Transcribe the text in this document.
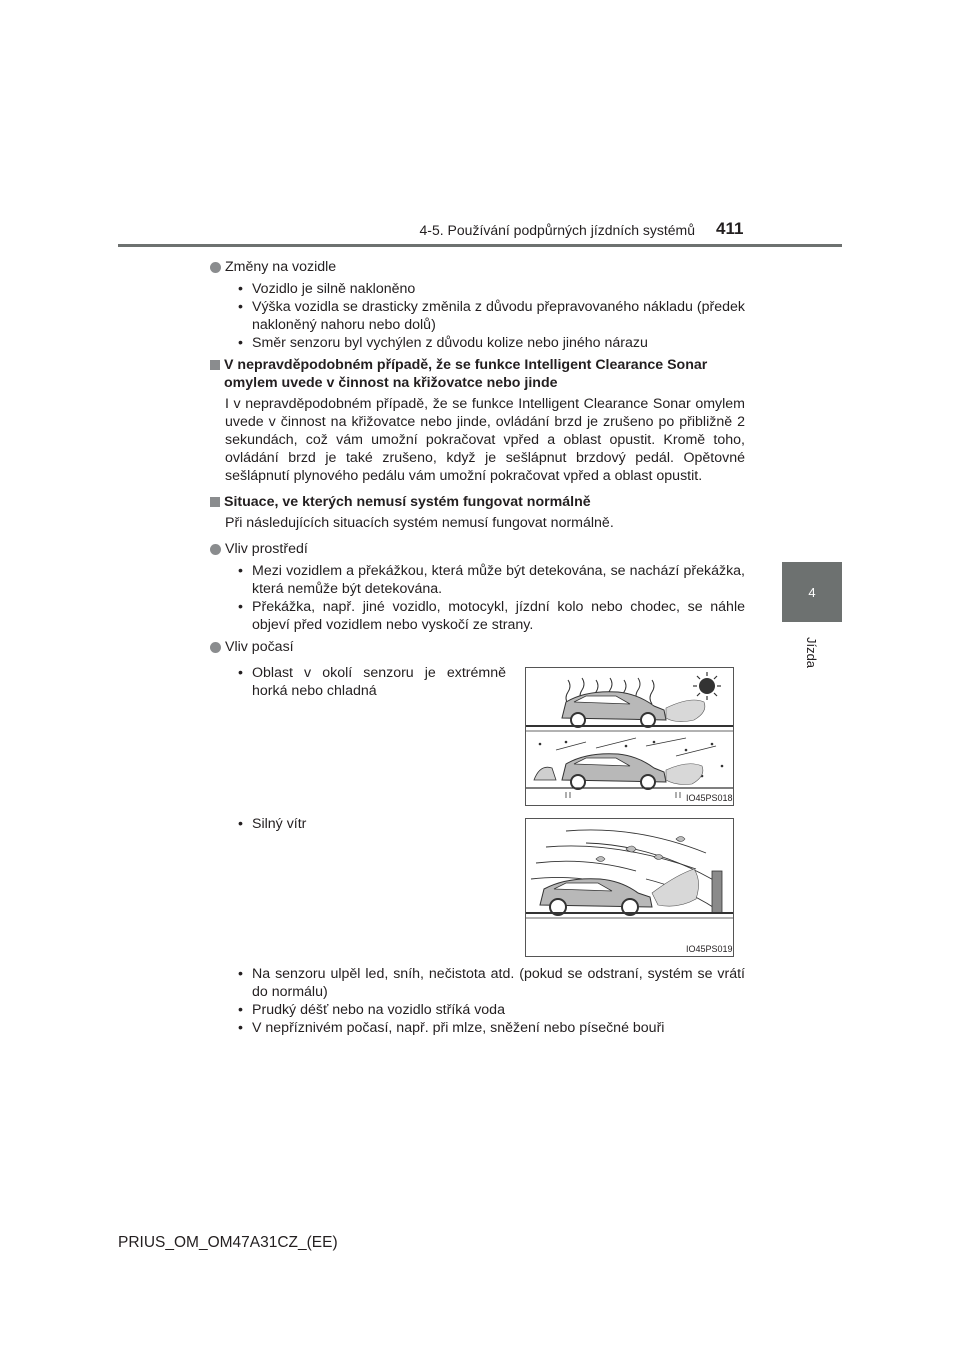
4-5. Používání podpůrných jízdních systémů 411
4
Jízda
Změny na vozidle
• Vozidlo je silně nakloněno
• Výška vozidla se drasticky změnila z důvodu přepravovaného nákladu (předek nakloněný nahoru nebo dolů)
• Směr senzoru byl vychýlen z důvodu kolize nebo jiného nárazu
V nepravděpodobném případě, že se funkce Intelligent Clearance Sonar omylem uvede v činnost na křižovatce nebo jinde
I v nepravděpodobném případě, že se funkce Intelligent Clearance Sonar omylem uvede v činnost na křižovatce nebo jinde, ovládání brzd je zrušeno po přibližně 2 sekundách, což vám umožní pokračovat vpřed a oblast opustit. Kromě toho, ovládání brzd je také zrušeno, když je sešlápnut brzdový pedál. Opětovné sešlápnutí plynového pedálu vám umožní pokračovat vpřed a oblast opustit.
Situace, ve kterých nemusí systém fungovat normálně
Při následujících situacích systém nemusí fungovat normálně.
Vliv prostředí
• Mezi vozidlem a překážkou, která může být detekována, se nachází překážka, která nemůže být detekována.
• Překážka, např. jiné vozidlo, motocykl, jízdní kolo nebo chodec, se náhle objeví před vozidlem nebo vyskočí ze strany.
Vliv počasí
• Oblast v okolí senzoru je extrémně horká nebo chladná
• Silný vítr
IO45PS018
IO45PS019
• Na senzoru ulpěl led, sníh, nečistota atd. (pokud se odstraní, systém se vrátí do normálu)
• Prudký déšť nebo na vozidlo stříká voda
• V nepříznivém počasí, např. při mlze, sněžení nebo písečné bouři
PRIUS_OM_OM47A31CZ_(EE)
